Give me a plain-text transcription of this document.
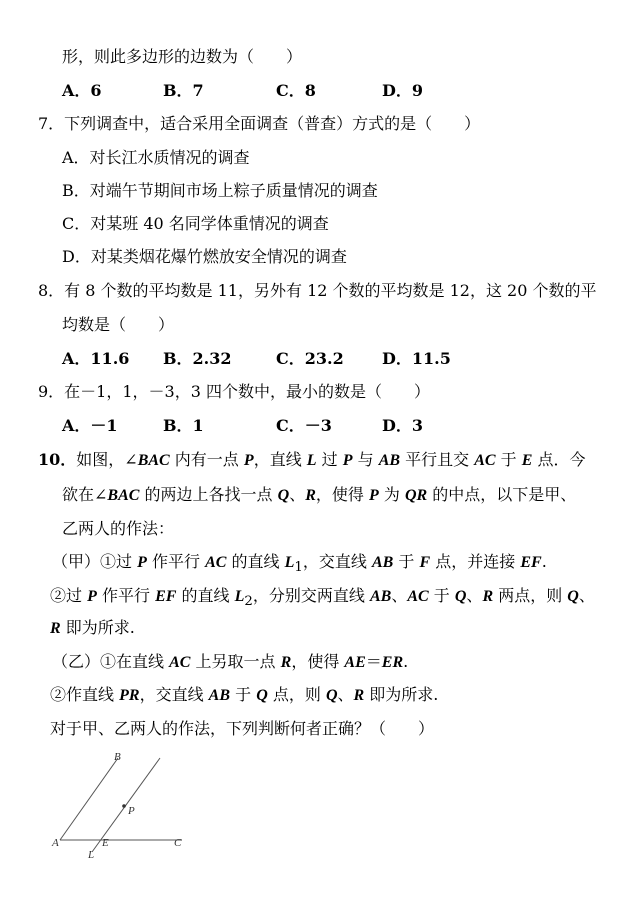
形，则此多边形的边数为（　　）
A．6	B．7	C．8	D．9
7．下列调查中，适合采用全面调查（普查）方式的是（　　）
A．对长江水质情况的调查
B．对端午节期间市场上粽子质量情况的调查
C．对某班 40 名同学体重情况的调查
D．对某类烟花爆竹燃放安全情况的调查
8．有 8 个数的平均数是 11，另外有 12 个数的平均数是 12，这 20 个数的平
均数是（　　）
A．11.6 B．2.32	C．23.2 D．11.5
9．在－1，1，－3，3 四个数中，最小的数是（　　）
A．－1	B．1	C．－3	D．3
10．如图，∠BAC 内有一点 P，直线 L 过 P 与 AB 平行且交 AC 于 E 点．今
欲在∠BAC 的两边上各找一点 Q、R，使得 P 为 QR 的中点，以下是甲、
乙两人的作法：
（甲）①过 P 作平行 AC 的直线 $L_1$，交直线 AB 于 F 点，并连接 EF.
②过 P 作平行 EF 的直线 $L_2$，分别交两直线 AB、AC 于 Q、R 两点，则 Q、
R 即为所求.
（乙）①在直线 AC 上另取一点 R，使得 AE＝ER.
②作直线 PR，交直线 AB 于 Q 点，则 Q、R 即为所求.
对于甲、乙两人的作法，下列判断何者正确？（　　）
B
P
A	E	C
L
